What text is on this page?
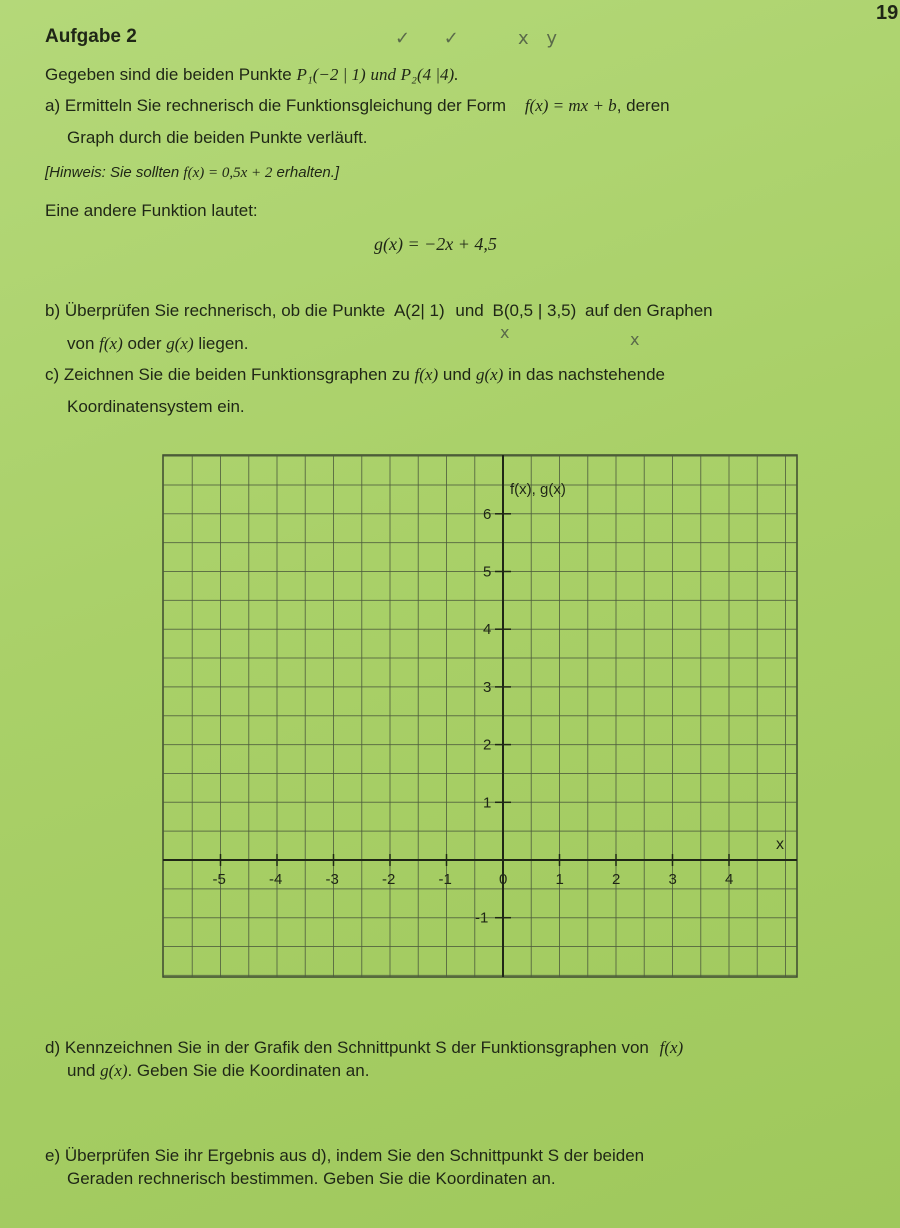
19
Aufgabe 2	✓ ✓	x y
Gegeben sind die beiden Punkte P₁(−2 | 1) und P₂(4 |4).
a) Ermitteln Sie rechnerisch die Funktionsgleichung der Form f(x) = mx + b, deren
Graph durch die beiden Punkte verläuft.
[Hinweis: Sie sollten f(x) = 0,5x + 2 erhalten.]
Eine andere Funktion lautet:
g(x) = −2x + 4,5
b) Überprüfen Sie rechnerisch, ob die Punkte A(2| 1) und B(0,5 | 3,5) auf den Graphen
x	x
von f(x) oder g(x) liegen.
c) Zeichnen Sie die beiden Funktionsgraphen zu f(x) und g(x) in das nachstehende
Koordinatensystem ein.
-5	-4	-3	-2	-1	0	1	2	3	4
-1
1
2
3
4
5
6
f(x), g(x)
x
d) Kennzeichnen Sie in der Grafik den Schnittpunkt S der Funktionsgraphen von f(x)
und g(x). Geben Sie die Koordinaten an.
e) Überprüfen Sie ihr Ergebnis aus d), indem Sie den Schnittpunkt S der beiden
Geraden rechnerisch bestimmen. Geben Sie die Koordinaten an.
